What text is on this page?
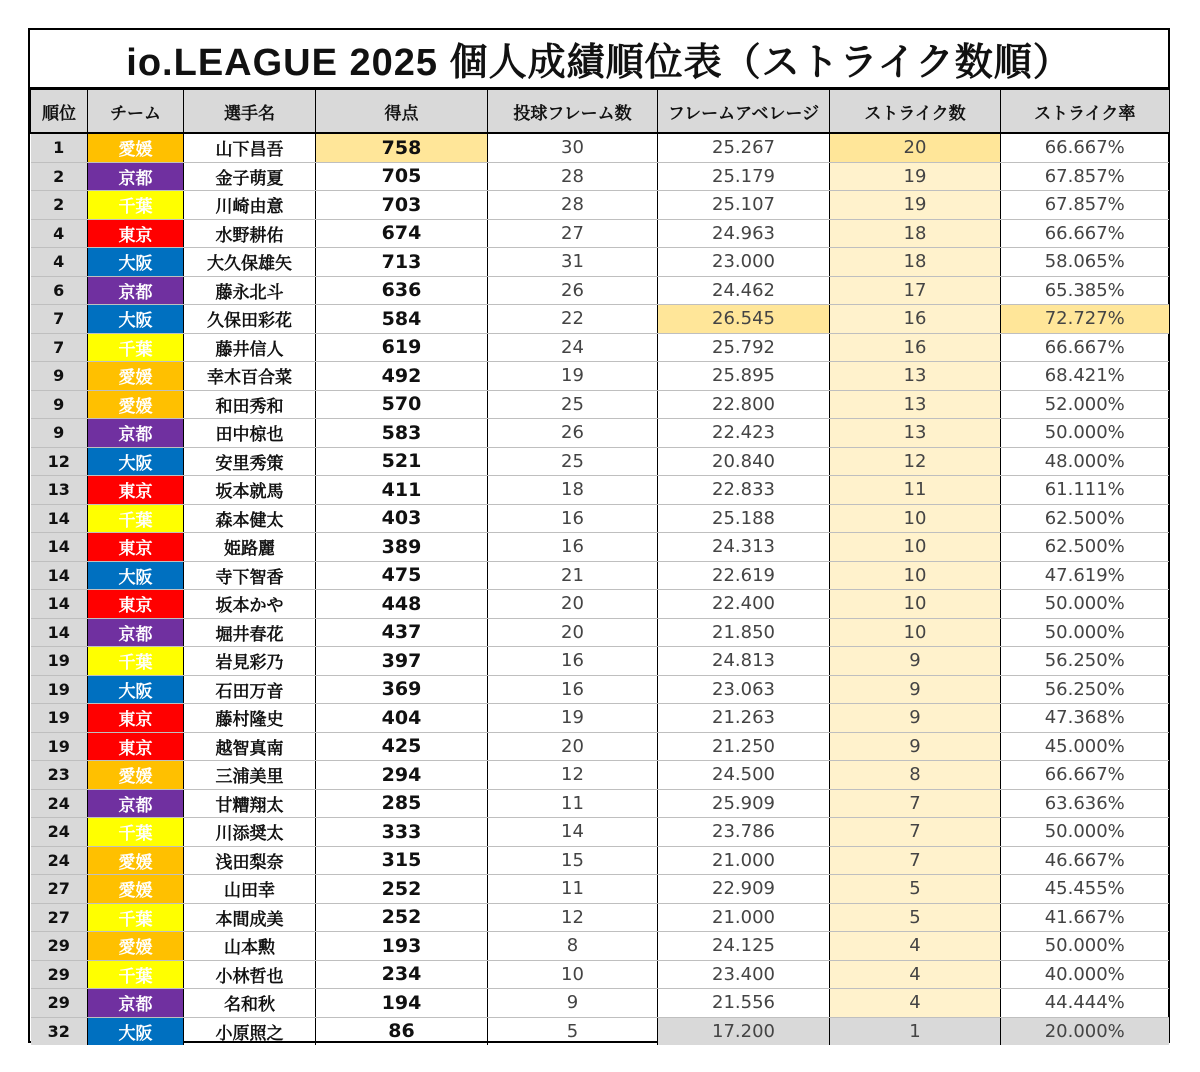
io.LEAGUE 2025 個人成績順位表（ストライク数順）
順位	チーム	選手名	得点	投球フレーム数	フレームアベレージ	ストライク数	ストライク率
1	愛媛	山下昌吾	758	30	25.267	20	66.667%
2	京都	金子萌夏	705	28	25.179	19	67.857%
2	千葉	川崎由意	703	28	25.107	19	67.857%
4	東京	水野耕佑	674	27	24.963	18	66.667%
4	大阪	大久保雄矢	713	31	23.000	18	58.065%
6	京都	藤永北斗	636	26	24.462	17	65.385%
7	大阪	久保田彩花	584	22	26.545	16	72.727%
7	千葉	藤井信人	619	24	25.792	16	66.667%
9	愛媛	幸木百合菜	492	19	25.895	13	68.421%
9	愛媛	和田秀和	570	25	22.800	13	52.000%
9	京都	田中椋也	583	26	22.423	13	50.000%
12	大阪	安里秀策	521	25	20.840	12	48.000%
13	東京	坂本就馬	411	18	22.833	11	61.111%
14	千葉	森本健太	403	16	25.188	10	62.500%
14	東京	姫路麗	389	16	24.313	10	62.500%
14	大阪	寺下智香	475	21	22.619	10	47.619%
14	東京	坂本かや	448	20	22.400	10	50.000%
14	京都	堀井春花	437	20	21.850	10	50.000%
19	千葉	岩見彩乃	397	16	24.813	9	56.250%
19	大阪	石田万音	369	16	23.063	9	56.250%
19	東京	藤村隆史	404	19	21.263	9	47.368%
19	東京	越智真南	425	20	21.250	9	45.000%
23	愛媛	三浦美里	294	12	24.500	8	66.667%
24	京都	甘糟翔太	285	11	25.909	7	63.636%
24	千葉	川添奨太	333	14	23.786	7	50.000%
24	愛媛	浅田梨奈	315	15	21.000	7	46.667%
27	愛媛	山田幸	252	11	22.909	5	45.455%
27	千葉	本間成美	252	12	21.000	5	41.667%
29	愛媛	山本勲	193	8	24.125	4	50.000%
29	千葉	小林哲也	234	10	23.400	4	40.000%
29	京都	名和秋	194	9	21.556	4	44.444%
32	大阪	小原照之	86	5	17.200	1	20.000%
